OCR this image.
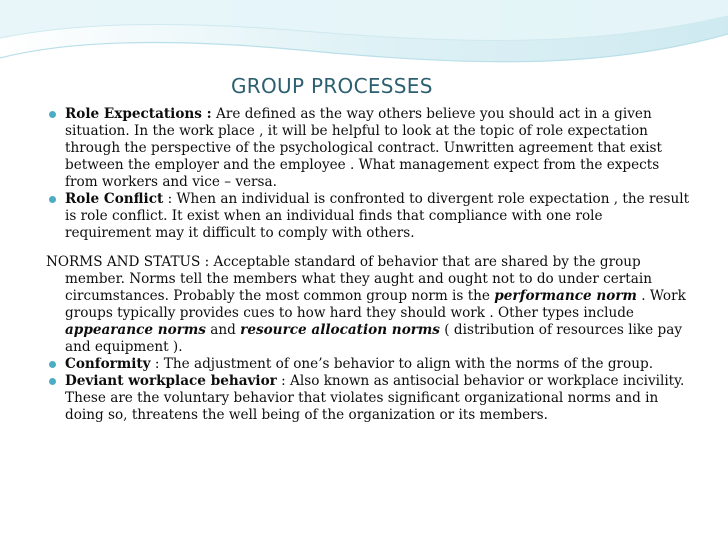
GROUP PROCESSES
Role Expectations : Are defined as the way others believe you should act in a given situation. In the work place , it will be helpful to look at the topic of role expectation through the perspective of the psychological contract. Unwritten agreement that exist between the employer and the employee . What management expect from the expects from workers and vice – versa.
Role Conflict : When an individual is confronted to divergent role expectation , the result is role conflict. It exist when an individual finds that compliance with one role requirement may it difficult to comply with others.
NORMS AND STATUS : Acceptable standard of behavior that are shared by the group member. Norms tell the members what they aught and ought not to do under certain circumstances. Probably the most common group norm is the performance norm . Work groups typically provides cues to how hard they should work . Other types include appearance norms and resource allocation norms ( distribution of resources like pay and equipment ).
Conformity : The adjustment of one’s behavior to align with the norms of the group.
Deviant workplace behavior : Also known as antisocial behavior or workplace incivility. These are the voluntary behavior that violates significant organizational norms and in doing so, threatens the well being of the organization or its members.
